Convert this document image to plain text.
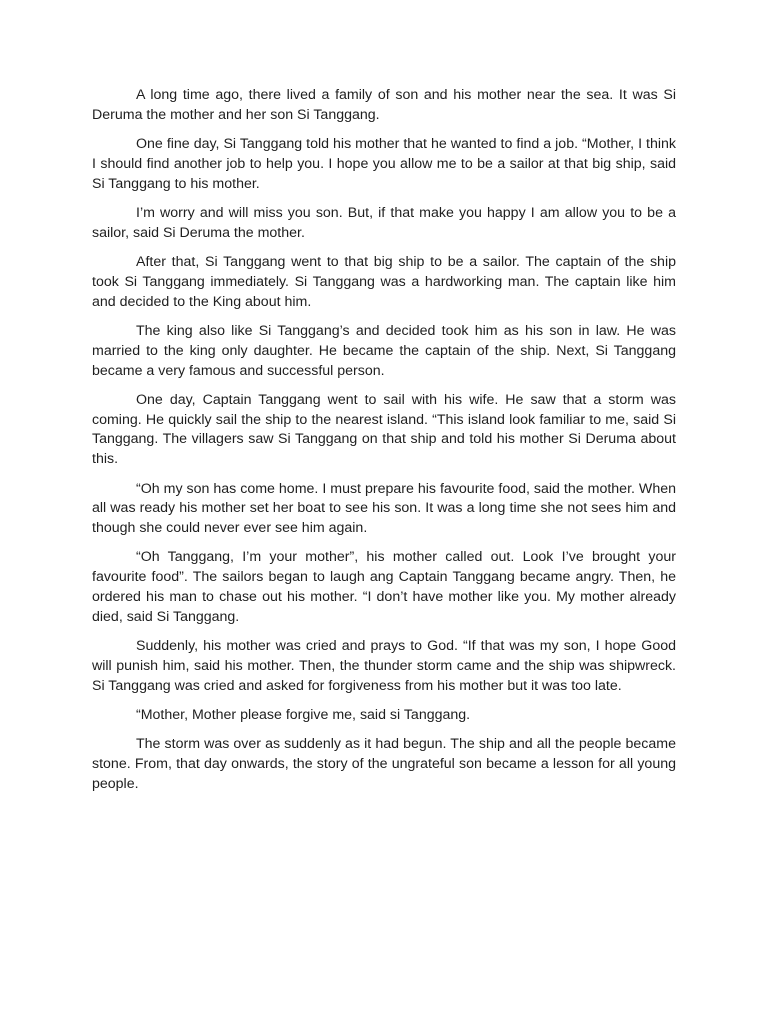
A long time ago, there lived a family of son and his mother near the sea. It was Si Deruma the mother and her son Si Tanggang.

One fine day, Si Tanggang told his mother that he wanted to find a job. “Mother, I think I should find another job to help you. I hope you allow me to be a sailor at that big ship, said Si Tanggang to his mother.

I’m worry and will miss you son. But, if that make you happy I am allow you to be a sailor, said Si Deruma the mother.

After that, Si Tanggang went to that big ship to be a sailor. The captain of the ship took Si Tanggang immediately. Si Tanggang was a hardworking man. The captain like him and decided to the King about him.

The king also like Si Tanggang’s and decided took him as his son in law. He was married to the king only daughter. He became the captain of the ship. Next, Si Tanggang became a very famous and successful person.

One day, Captain Tanggang went to sail with his wife. He saw that a storm was coming. He quickly sail the ship to the nearest island. “This island look familiar to me, said Si Tanggang. The villagers saw Si Tanggang on that ship and told his mother Si Deruma about this.

“Oh my son has come home. I must prepare his favourite food, said the mother. When all was ready his mother set her boat to see his son. It was a long time she not sees him and though she could never ever see him again.

“Oh Tanggang, I’m your mother”, his mother called out. Look I’ve brought your favourite food”. The sailors began to laugh ang Captain Tanggang became angry. Then, he ordered his man to chase out his mother. “I don’t have mother like you. My mother already died, said Si Tanggang.

Suddenly, his mother was cried and prays to God. “If that was my son, I hope Good will punish him, said his mother. Then, the thunder storm came and the ship was shipwreck. Si Tanggang was cried and asked for forgiveness from his mother but it was too late.

“Mother, Mother please forgive me, said si Tanggang.

The storm was over as suddenly as it had begun. The ship and all the people became stone. From, that day onwards, the story of the ungrateful son became a lesson for all young people.
